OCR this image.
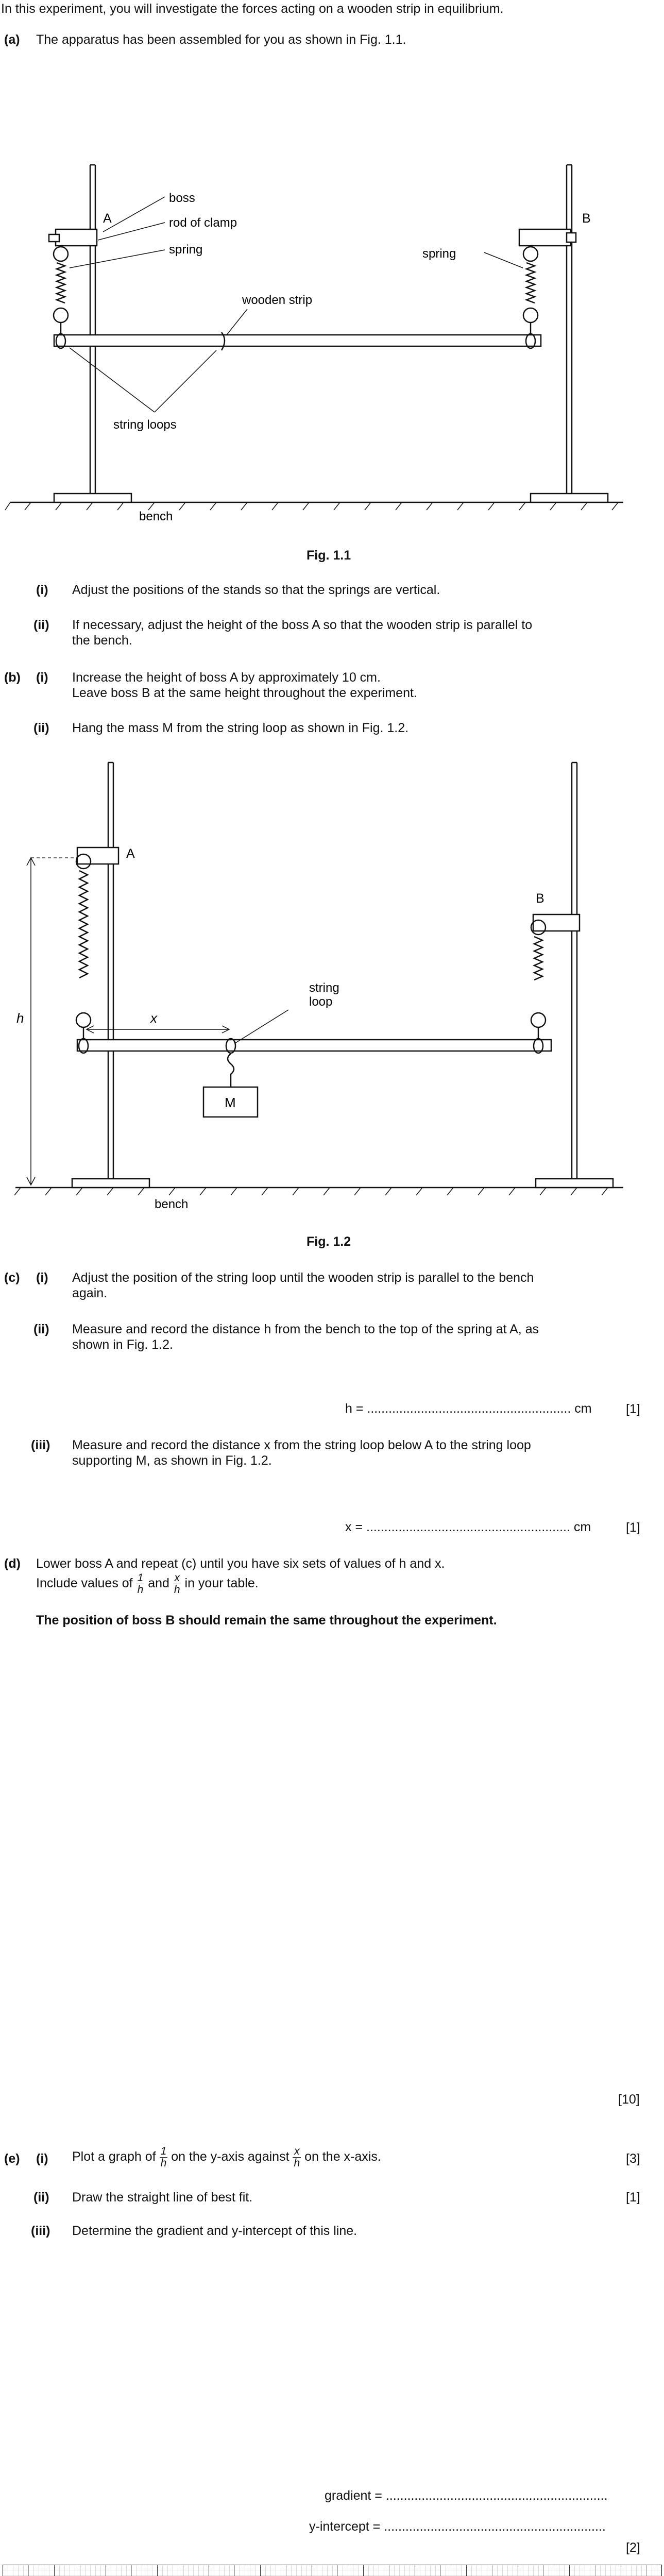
In this experiment, you will investigate the forces acting on a wooden strip in equilibrium.
(a) The apparatus has been assembled for you as shown in Fig. 1.1.
A	B
boss
rod of clamp
spring	spring
wooden strip
string loops
bench
Fig. 1.1
(i) Adjust the positions of the stands so that the springs are vertical.
(ii) If necessary, adjust the height of the boss A so that the wooden strip is parallel to
the bench.
(b) (i) Increase the height of boss A by approximately 10 cm.
Leave boss B at the same height throughout the experiment.
(ii) Hang the mass M from the string loop as shown in Fig. 1.2.
A
B
h	x
string
loop
M
bench
Fig. 1.2
(c) (i) Adjust the position of the string loop until the wooden strip is parallel to the bench
again.
(ii) Measure and record the distance h from the bench to the top of the spring at A, as
shown in Fig. 1.2.
h = ......................................................... cm	[1]
(iii) Measure and record the distance x from the string loop below A to the string loop
supporting M, as shown in Fig. 1.2.
x = ......................................................... cm	[1]
(d) Lower boss A and repeat (c) until you have six sets of values of h and x.
Include values of $\frac{1}{h}$ and $\frac{x}{h}$ in your table.
The position of boss B should remain the same throughout the experiment.
[10]
(e) (i) Plot a graph of $\frac{1}{h}$ on the y-axis against $\frac{x}{h}$ on the x-axis.	[3]
(ii) Draw the straight line of best fit.	[1]
(iii) Determine the gradient and y-intercept of this line.
gradient = ..............................................................
y-intercept = ..............................................................
[2]
